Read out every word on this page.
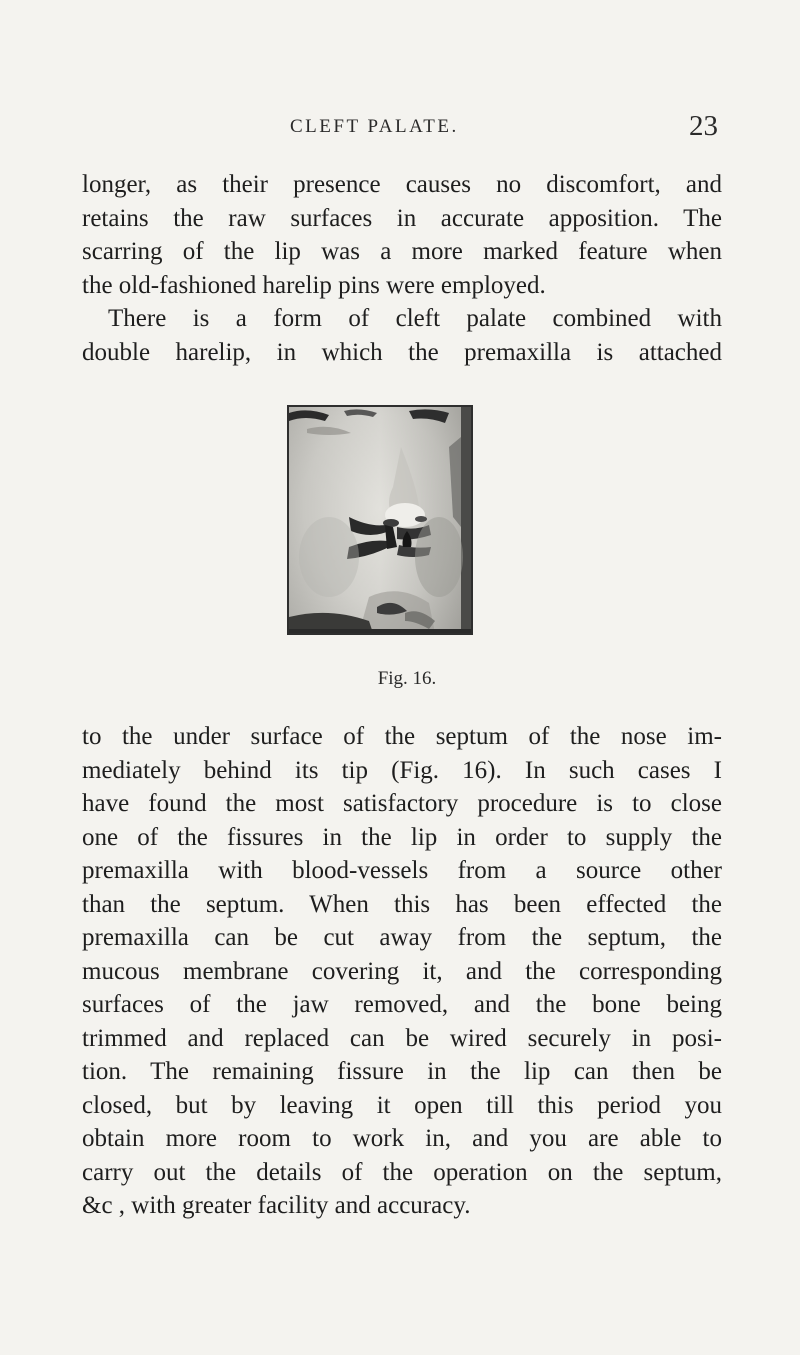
CLEFT PALATE.	23
longer, as their presence causes no discomfort, and
retains the raw surfaces in accurate apposition. The
scarring of the lip was a more marked feature when
the old-fashioned harelip pins were employed.
There is a form of cleft palate combined with
double harelip, in which the premaxilla is attached
Fig. 16.
to the under surface of the septum of the nose im-
mediately behind its tip (Fig. 16). In such cases I
have found the most satisfactory procedure is to close
one of the fissures in the lip in order to supply the
premaxilla with blood-vessels from a source other
than the septum. When this has been effected the
premaxilla can be cut away from the septum, the
mucous membrane covering it, and the corresponding
surfaces of the jaw removed, and the bone being
trimmed and replaced can be wired securely in posi-
tion. The remaining fissure in the lip can then be
closed, but by leaving it open till this period you
obtain more room to work in, and you are able to
carry out the details of the operation on the septum,
&c , with greater facility and accuracy.
